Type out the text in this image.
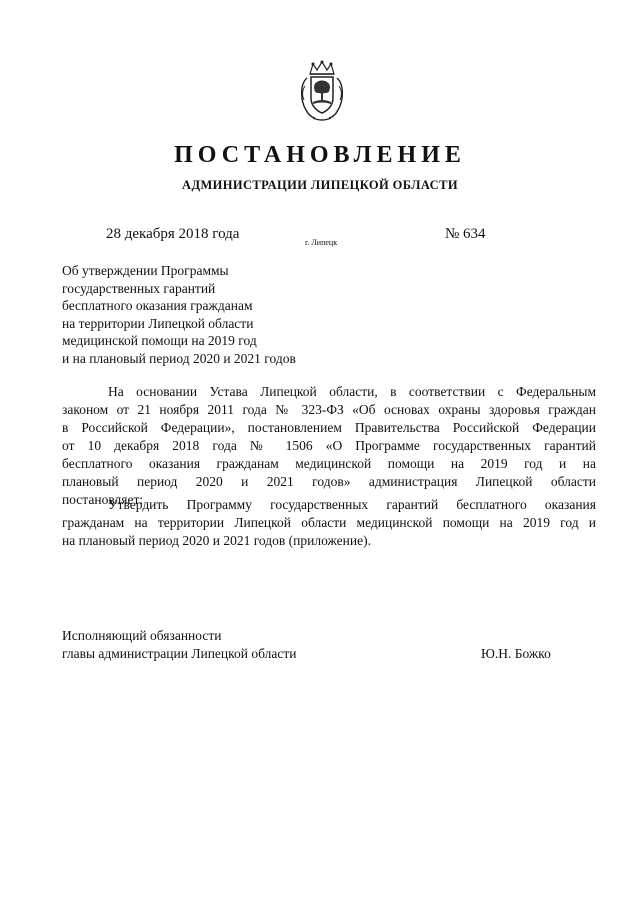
ПОСТАНОВЛЕНИЕ
АДМИНИСТРАЦИИ ЛИПЕЦКОЙ ОБЛАСТИ
28 декабря 2018 года
г. Липецк
№ 634
Об утверждении Программы
государственных гарантий
бесплатного оказания гражданам
на территории Липецкой области
медицинской помощи на 2019 год
и на плановый период 2020 и 2021 годов
На основании Устава Липецкой области, в соответствии с Федеральным
законом от 21 ноября 2011 года № 323-ФЗ «Об основах охраны здоровья граждан
в Российской Федерации», постановлением Правительства Российской Федерации
от 10 декабря 2018 года № 1506 «О Программе государственных гарантий
бесплатного оказания гражданам медицинской помощи на 2019 год и на
плановый период 2020 и 2021 годов» администрация Липецкой области
постановляет:
Утвердить Программу государственных гарантий бесплатного оказания
гражданам на территории Липецкой области медицинской помощи на 2019 год и
на плановый период 2020 и 2021 годов (приложение).
Исполняющий обязанности
главы администрации Липецкой области	Ю.Н. Божко
